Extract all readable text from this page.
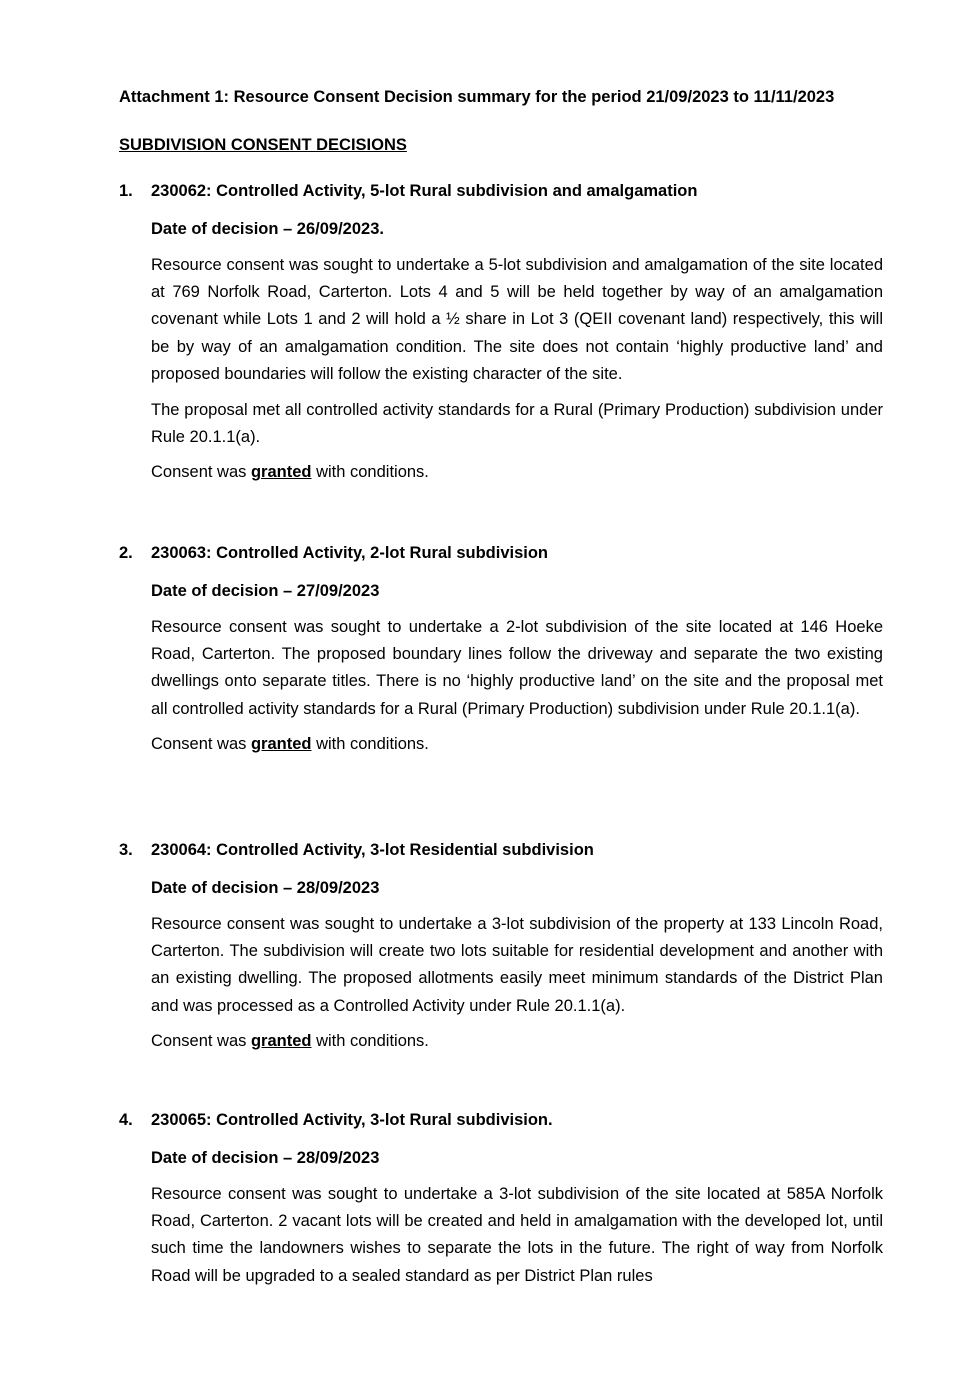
Attachment 1: Resource Consent Decision summary for the period 21/09/2023 to 11/11/2023
SUBDIVISION CONSENT DECISIONS
1.	230062: Controlled Activity, 5-lot Rural subdivision and amalgamation
Date of decision – 26/09/2023.
Resource consent was sought to undertake a 5-lot subdivision and amalgamation of the site located at 769 Norfolk Road, Carterton. Lots 4 and 5 will be held together by way of an amalgamation covenant while Lots 1 and 2 will hold a ½ share in Lot 3 (QEII covenant land) respectively, this will be by way of an amalgamation condition. The site does not contain ‘highly productive land’ and proposed boundaries will follow the existing character of the site.
The proposal met all controlled activity standards for a Rural (Primary Production) subdivision under Rule 20.1.1(a).
Consent was granted with conditions.
2.	230063: Controlled Activity, 2-lot Rural subdivision
Date of decision – 27/09/2023
Resource consent was sought to undertake a 2-lot subdivision of the site located at 146 Hoeke Road, Carterton. The proposed boundary lines follow the driveway and separate the two existing dwellings onto separate titles. There is no ‘highly productive land’ on the site and the proposal met all controlled activity standards for a Rural (Primary Production) subdivision under Rule 20.1.1(a).
Consent was granted with conditions.
3.	230064: Controlled Activity, 3-lot Residential subdivision
Date of decision – 28/09/2023
Resource consent was sought to undertake a 3-lot subdivision of the property at 133 Lincoln Road, Carterton. The subdivision will create two lots suitable for residential development and another with an existing dwelling. The proposed allotments easily meet minimum standards of the District Plan and was processed as a Controlled Activity under Rule 20.1.1(a).
Consent was granted with conditions.
4.	230065: Controlled Activity, 3-lot Rural subdivision.
Date of decision – 28/09/2023
Resource consent was sought to undertake a 3-lot subdivision of the site located at 585A Norfolk Road, Carterton. 2 vacant lots will be created and held in amalgamation with the developed lot, until such time the landowners wishes to separate the lots in the future. The right of way from Norfolk Road will be upgraded to a sealed standard as per District Plan rules
